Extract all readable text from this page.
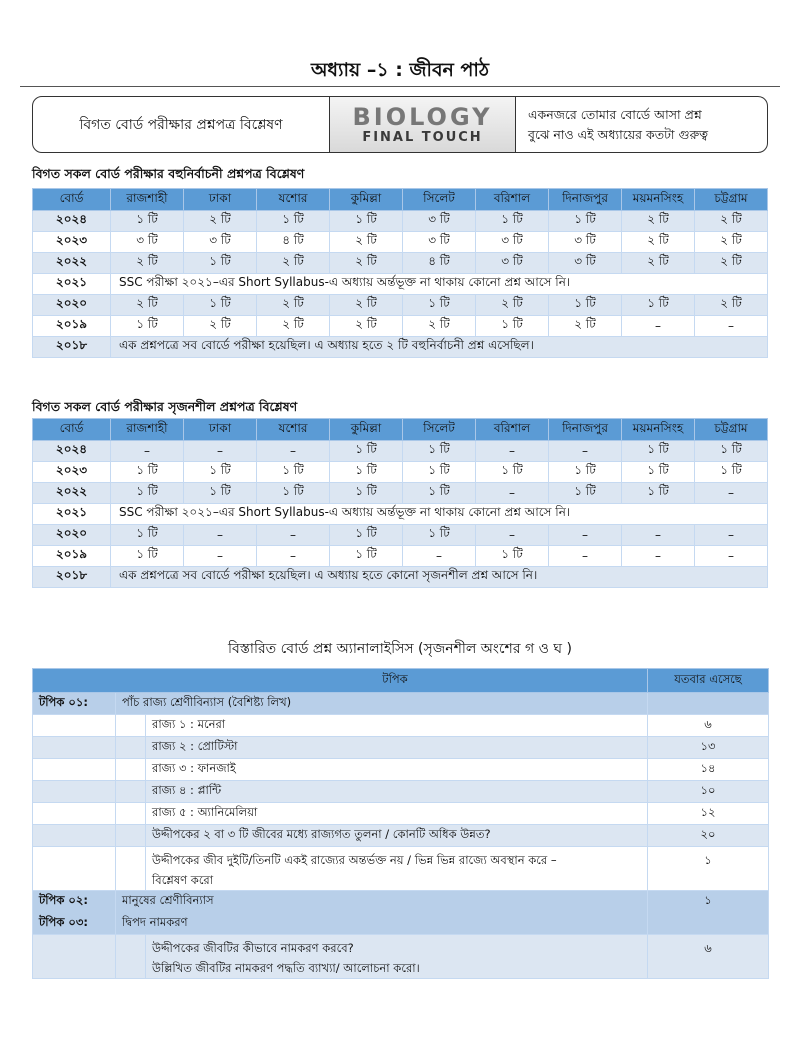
অধ্যায় –১ : জীবন পাঠ
বিগত বোর্ড পরীক্ষার প্রশ্নপত্র বিশ্লেষণ	BIOLOGY
FINAL TOUCH
একনজরে তোমার বোর্ডে আসা প্রশ্ন
বুঝে নাও এই অধ্যায়ের কতটা গুরুত্ব
বিগত সকল বোর্ড পরীক্ষার বহুনির্বাচনী প্রশ্নপত্র বিশ্লেষণ
বোর্ড	রাজশাহী	ঢাকা	যশোর	কুমিল্লা	সিলেট	বরিশাল	দিনাজপুর	ময়মনসিংহ	চট্টগ্রাম
২০২৪	১ টি	২ টি	১ টি	১ টি	৩ টি	১ টি	১ টি	২ টি	২ টি
২০২৩	৩ টি	৩ টি	৪ টি	২ টি	৩ টি	৩ টি	৩ টি	২ টি	২ টি
২০২২	২ টি	১ টি	২ টি	২ টি	৪ টি	৩ টি	৩ টি	২ টি	২ টি
২০২১	SSC পরীক্ষা ২০২১–এর Short Syllabus-এ অধ্যায় অর্ন্তভূক্ত না থাকায় কোনো প্রশ্ন আসে নি।								
২০২০	২ টি	১ টি	২ টি	২ টি	১ টি	২ টি	১ টি	১ টি	২ টি
২০১৯	১ টি	২ টি	২ টি	২ টি	২ টি	১ টি	২ টি	–	–
২০১৮	এক প্রশ্নপত্রে সব বোর্ডে পরীক্ষা হয়েছিল। এ অধ্যায় হতে ২ টি বহুনির্বাচনী প্রশ্ন এসেছিল।								
বিগত সকল বোর্ড পরীক্ষার সৃজনশীল প্রশ্নপত্র বিশ্লেষণ
বোর্ড	রাজশাহী	ঢাকা	যশোর	কুমিল্লা	সিলেট	বরিশাল	দিনাজপুর	ময়মনসিংহ	চট্টগ্রাম
২০২৪	–	–	–	১ টি	১ টি	–	–	১ টি	১ টি
২০২৩	১ টি	১ টি	১ টি	১ টি	১ টি	১ টি	১ টি	১ টি	১ টি
২০২২	১ টি	১ টি	১ টি	১ টি	১ টি	–	১ টি	১ টি	–
২০২১	SSC পরীক্ষা ২০২১–এর Short Syllabus-এ অধ্যায় অর্ন্তভূক্ত না থাকায় কোনো প্রশ্ন আসে নি।								
২০২০	১ টি	–	–	১ টি	১ টি	–	–	–	–
২০১৯	১ টি	–	–	১ টি	–	১ টি	–	–	–
২০১৮	এক প্রশ্নপত্রে সব বোর্ডে পরীক্ষা হয়েছিল। এ অধ্যায় হতে কোনো সৃজনশীল প্রশ্ন আসে নি।								
বিস্তারিত বোর্ড প্রশ্ন অ্যানালাইসিস (সৃজনশীল অংশের গ ও ঘ )
টপিক			যতবার এসেছে
টপিক ০১:	পাঁচ রাজ্য শ্রেণীবিন্যাস (বৈশিষ্ট্য লিখ)		
		রাজ্য ১ : মনেরা	৬
		রাজ্য ২ : প্রোটিস্টা	১৩
		রাজ্য ৩ : ফানজাই	১৪
		রাজ্য ৪ : প্লান্টি	১০
		রাজ্য ৫ : অ্যানিমেলিয়া	১২
		উদ্দীপকের ২ বা ৩ টি জীবের মধ্যে রাজ্যগত তুলনা / কোনটি অধিক উন্নত?	২০

		উদ্দীপকের জীব দুইটি/তিনটি একই রাজ্যের অন্তর্ভক্ত নয় / ভিন্ন ভিন্ন রাজ্যে অবস্থান করে –
বিশ্লেষণ করো	১
টপিক ০২:	মানুষের শ্রেণীবিন্যাস		১
টপিক ০৩:	দ্বিপদ নামকরণ		

		উদ্দীপকের জীবটির কীভাবে নামকরণ করবে?
উল্লিখিত জীবটির নামকরণ পদ্ধতি ব্যাখ্যা/ আলোচনা করো।	৬
